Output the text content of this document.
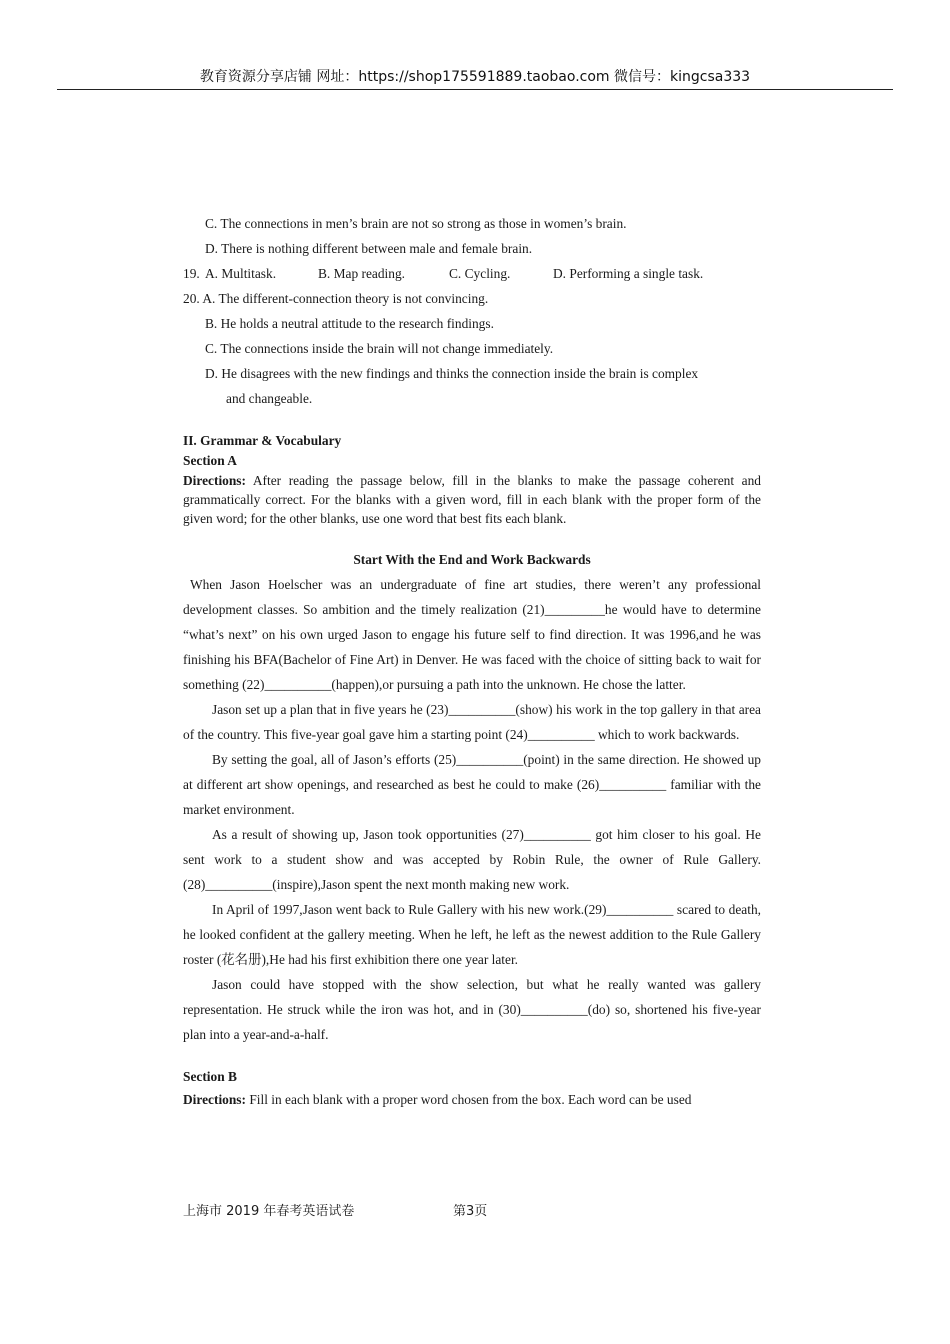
教育资源分享店铺 网址：https://shop175591889.taobao.com 微信号：kingcsa333
C. The connections in men’s brain are not so strong as those in women’s brain.
D. There is nothing different between male and female brain.
19. A. Multitask.	B. Map reading.	C. Cycling.	D. Performing a single task.
20. A. The different-connection theory is not convincing.
B. He holds a neutral attitude to the research findings.
C. The connections inside the brain will not change immediately.
D. He disagrees with the new findings and thinks the connection inside the brain is complex
and changeable.
II. Grammar & Vocabulary
Section A
Directions: After reading the passage below, fill in the blanks to make the passage coherent and grammatically correct. For the blanks with a given word, fill in each blank with the proper form of the given word; for the other blanks, use one word that best fits each blank.
Start With the End and Work Backwards
When Jason Hoelscher was an undergraduate of fine art studies, there weren’t any professional development classes. So ambition and the timely realization (21)_________he would have to determine “what’s next” on his own urged Jason to engage his future self to find direction. It was 1996,and he was finishing his BFA(Bachelor of Fine Art) in Denver. He was faced with the choice of sitting back to wait for something (22)__________(happen),or pursuing a path into the unknown. He chose the latter.
Jason set up a plan that in five years he (23)__________(show) his work in the top gallery in that area of the country. This five-year goal gave him a starting point (24)__________ which to work backwards.
By setting the goal, all of Jason’s efforts (25)__________(point) in the same direction. He showed up at different art show openings, and researched as best he could to make (26)__________ familiar with the market environment.
As a result of showing up, Jason took opportunities (27)__________ got him closer to his goal. He sent work to a student show and was accepted by Robin Rule, the owner of Rule Gallery.(28)__________(inspire),Jason spent the next month making new work.
In April of 1997,Jason went back to Rule Gallery with his new work.(29)__________ scared to death, he looked confident at the gallery meeting. When he left, he left as the newest addition to the Rule Gallery roster (花名册),He had his first exhibition there one year later.
Jason could have stopped with the show selection, but what he really wanted was gallery representation. He struck while the iron was hot, and in (30)__________(do) so, shortened his five-year plan into a year-and-a-half.
Section B
Directions: Fill in each blank with a proper word chosen from the box. Each word can be used
上海市 2019 年春考英语试卷	第3页
